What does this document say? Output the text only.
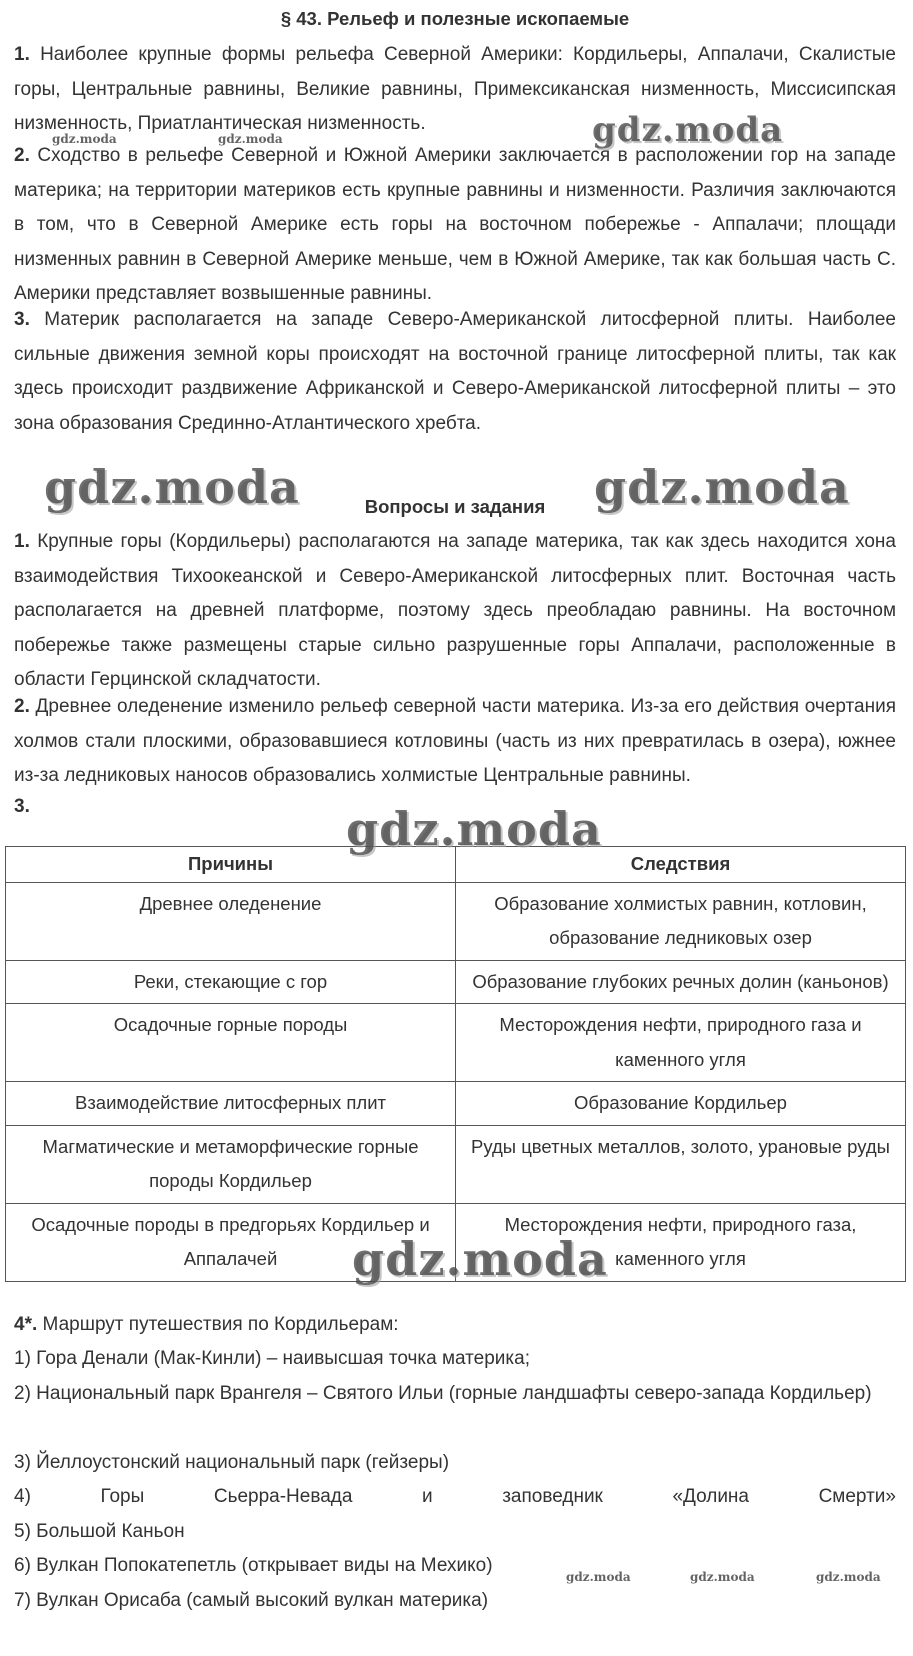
§ 43. Рельеф и полезные ископаемые
1. Наиболее крупные формы рельефа Северной Америки: Кордильеры, Аппалачи, Скалистые горы, Центральные равнины, Великие равнины, Примексиканская низменность, Миссисипская низменность, Приатлантическая низменность.
2. Сходство в рельефе Северной и Южной Америки заключается в расположении гор на западе материка; на территории материков есть крупные равнины и низменности. Различия заключаются в том, что в Северной Америке есть горы на восточном побережье - Аппалачи; площади низменных равнин в Северной Америке меньше, чем в Южной Америке, так как большая часть С. Америки представляет возвышенные равнины.
3. Материк располагается на западе Северо-Американской литосферной плиты. Наиболее сильные движения земной коры происходят на восточной границе литосферной плиты, так как здесь происходит раздвижение Африканской и Северо-Американской литосферной плиты – это зона образования Срединно-Атлантического хребта.
Вопросы и задания
1. Крупные горы (Кордильеры) располагаются на западе материка, так как здесь находится хона взаимодействия Тихоокеанской и Северо-Американской литосферных плит. Восточная часть располагается на древней платформе, поэтому здесь преобладаю равнины. На восточном побережье также размещены старые сильно разрушенные горы Аппалачи, расположенные в области Герцинской складчатости.
2. Древнее оледенение изменило рельеф северной части материка. Из-за его действия очертания холмов стали плоскими, образовавшиеся котловины (часть из них превратилась в озера), южнее из-за ледниковых наносов образовались холмистые Центральные равнины.
3.
Причины	Следствия
Древнее оледенение	Образование холмистых равнин, котловин, образование ледниковых озер
Реки, стекающие с гор	Образование глубоких речных долин (каньонов)
Осадочные горные породы	Месторождения нефти, природного газа и каменного угля
Взаимодействие литосферных плит	Образование Кордильер
Магматические и метаморфические горные породы Кордильер	Руды цветных металлов, золото, урановые руды
Осадочные породы в предгорьях Кордильер и Аппалачей	Месторождения нефти, природного газа, каменного угля
4*. Маршрут путешествия по Кордильерам:
1) Гора Денали (Мак-Кинли) – наивысшая точка материка;
2) Национальный парк Врангеля – Святого Ильи (горные ландшафты северо-запада Кордильер)
3) Йеллоустонский национальный парк (гейзеры)
4)	Горы	Сьерра-Невада	и	заповедник	«Долина	Смерти»
5) Большой Каньон
6) Вулкан Попокатепетль (открывает виды на Мехико)
7) Вулкан Орисаба (самый высокий вулкан материка)
gdz.moda
gdz.moda	gdz.moda
gdz.moda	gdz.moda
gdz.moda
gdz.moda
gdz.moda	gdz.moda	gdz.moda
